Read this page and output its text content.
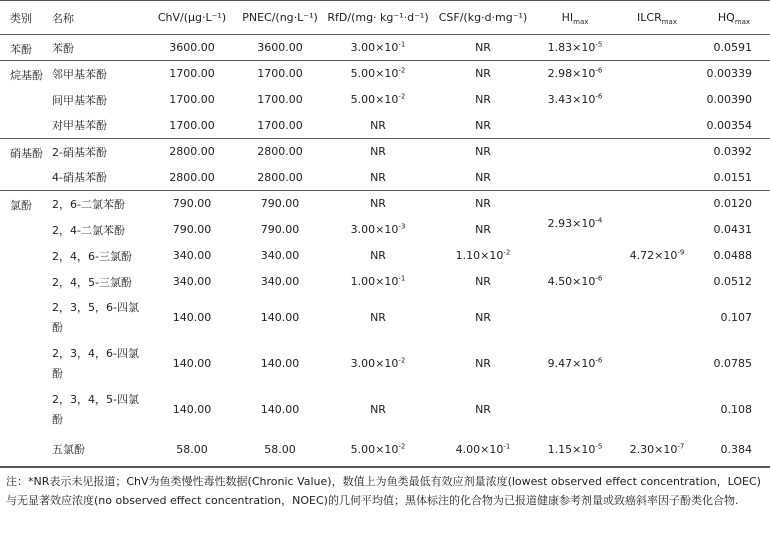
类别	名称	ChV/(μg·L⁻¹)	PNEC/(ng·L⁻¹)	RfD/(mg· kg⁻¹·d⁻¹)	CSF/(kg·d·mg⁻¹)	$HI_{max}$	$ILCR_{max}$	$HQ_{max}$
苯酚	苯酚	3600.00	3600.00	$3.00\times 10^{-1}$	NR	$1.83\times 10^{-5}$		0.0591
烷基酚	邻甲基苯酚	1700.00	1700.00	$5.00\times 10^{-2}$	NR	$2.98\times 10^{-6}$		0.00339
	间甲基苯酚	1700.00	1700.00	$5.00\times 10^{-2}$	NR	$3.43\times 10^{-6}$		0.00390
	对甲基苯酚	1700.00	1700.00	NR	NR			0.00354
硝基酚	2-硝基苯酚	2800.00	2800.00	NR	NR			0.0392
	4-硝基苯酚	2800.00	2800.00	NR	NR			0.0151
氯酚	2，6-二氯苯酚	790.00	790.00	NR	NR			0.0120
	2，4-二氯苯酚	790.00	790.00	$3.00\times 10^{-3}$	NR	$2.93\times 10^{-4}$		0.0431
	2，4，6-三氯酚	340.00	340.00	NR	$1.10\times 10^{-2}$		$4.72\times 10^{-9}$	0.0488
	2，4，5-三氯酚	340.00	340.00	$1.00\times 10^{-1}$	NR	$4.50\times 10^{-6}$		0.0512
	2，3，5，6-四氯酚	140.00	140.00	NR	NR			0.107
	2，3，4，6-四氯酚	140.00	140.00	$3.00\times 10^{-2}$	NR	$9.47\times 10^{-6}$		0.0785
	2，3，4，5-四氯酚	140.00	140.00	NR	NR			0.108
	五氯酚	58.00	58.00	$5.00\times 10^{-2}$	$4.00\times 10^{-1}$	$1.15\times 10^{-5}$	$2.30\times 10^{-7}$	0.384
注：*NR表示未见报道；ChV为鱼类慢性毒性数据(Chronic Value)，数值上为鱼类最低有效应剂量浓度(lowest observed effect concentration，LOEC)与无显著效应浓度(no observed effect concentration，NOEC)的几何平均值；黑体标注的化合物为已报道健康参考剂量或致癌斜率因子酚类化合物.
